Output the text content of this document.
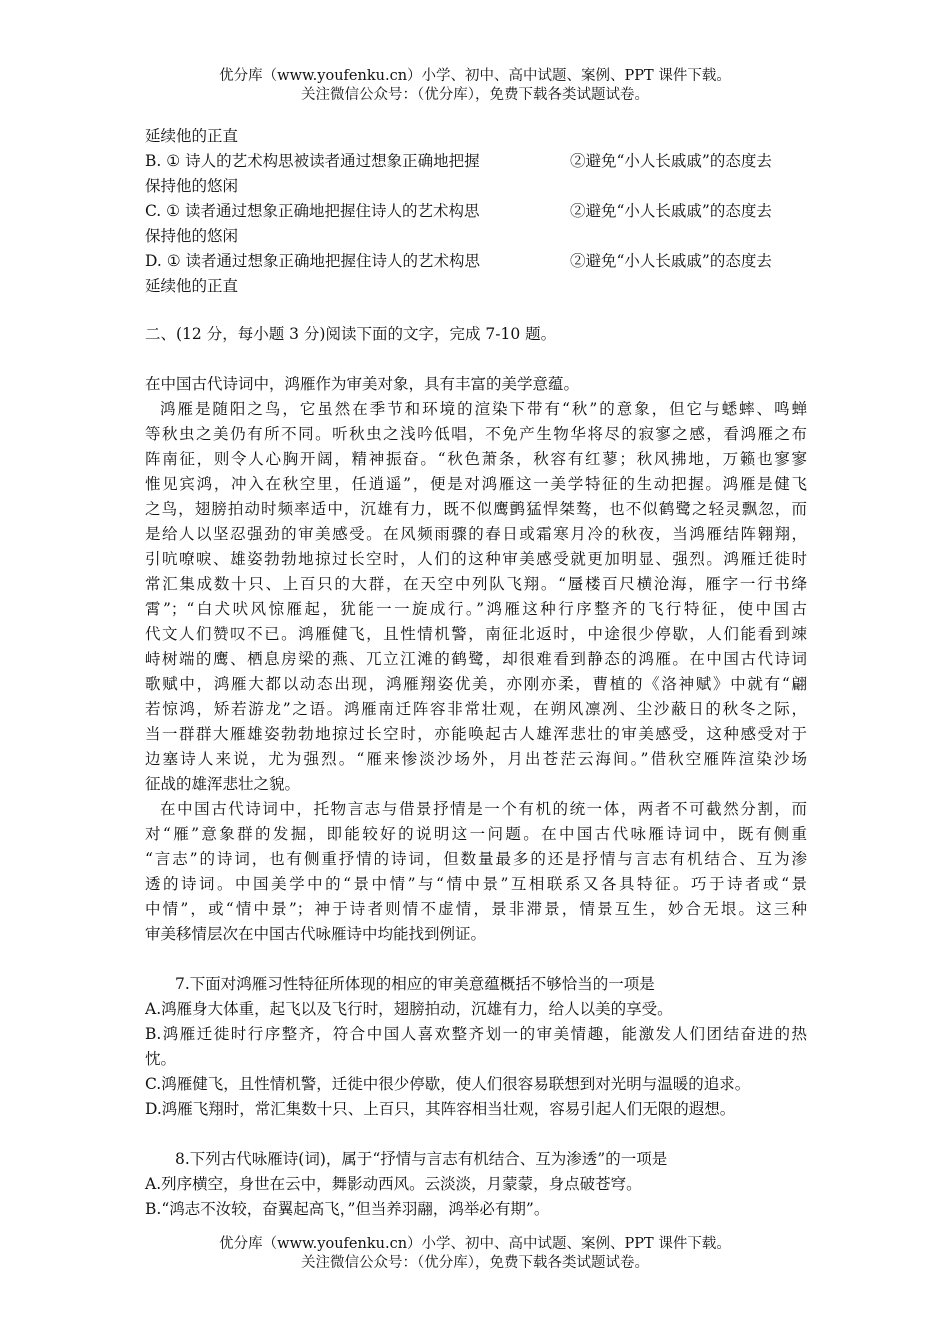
优分库（www.youfenku.cn）小学、初中、高中试题、案例、PPT 课件下载。
关注微信公众号：（优分库），免费下载各类试题试卷。
延续他的正直
B. ① 诗人的艺术构思被读者通过想象正确地把握	②避免“小人长戚戚”的态度去
保持他的悠闲
C. ① 读者通过想象正确地把握住诗人的艺术构思	②避免“小人长戚戚”的态度去
保持他的悠闲
D. ① 读者通过想象正确地把握住诗人的艺术构思	②避免“小人长戚戚”的态度去
延续他的正直
二、(12 分，每小题 3 分)阅读下面的文字，完成 7-10 题。
在中国古代诗词中，鸿雁作为审美对象，具有丰富的美学意蕴。
鸿雁是随阳之鸟，它虽然在季节和环境的渲染下带有“秋”的意象，但它与蟋蟀、鸣蝉
等秋虫之美仍有所不同。听秋虫之浅吟低唱，不免产生物华将尽的寂寥之感，看鸿雁之布
阵南征，则令人心胸开阔，精神振奋。“秋色萧条，秋容有红蓼；秋风拂地，万籁也寥寥
惟见宾鸿，冲入在秋空里，任逍遥”，便是对鸿雁这一美学特征的生动把握。鸿雁是健飞
之鸟，翅膀拍动时频率适中，沉雄有力，既不似鹰鹯猛悍桀骜，也不似鹤鹭之轻灵飘忽，而
是给人以坚忍强劲的审美感受。在风频雨骤的春日或霜寒月冷的秋夜，当鸿雁结阵翱翔，
引吭嘹唳、雄姿勃勃地掠过长空时，人们的这种审美感受就更加明显、强烈。鸿雁迁徙时
常汇集成数十只、上百只的大群，在天空中列队飞翔。“蜃楼百尺横沧海，雁字一行书绛
霄”；“白犬吠风惊雁起，犹能一一旋成行。”鸿雁这种行序整齐的飞行特征，使中国古
代文人们赞叹不已。鸿雁健飞，且性情机警，南征北返时，中途很少停歇，人们能看到竦
峙树端的鹰、栖息房梁的燕、兀立江滩的鹤鹭，却很难看到静态的鸿雁。在中国古代诗词
歌赋中，鸿雁大都以动态出现，鸿雁翔姿优美，亦刚亦柔，曹植的《洛神赋》中就有“翩
若惊鸿，矫若游龙”之语。鸿雁南迁阵容非常壮观，在朔风凛冽、尘沙蔽日的秋冬之际，
当一群群大雁雄姿勃勃地掠过长空时，亦能唤起古人雄浑悲壮的审美感受，这种感受对于
边塞诗人来说，尤为强烈。“雁来惨淡沙场外，月出苍茫云海间。”借秋空雁阵渲染沙场
征战的雄浑悲壮之貌。
在中国古代诗词中，托物言志与借景抒情是一个有机的统一体，两者不可截然分割，而
对“雁”意象群的发掘，即能较好的说明这一问题。在中国古代咏雁诗词中，既有侧重
“言志”的诗词，也有侧重抒情的诗词，但数量最多的还是抒情与言志有机结合、互为渗
透的诗词。中国美学中的“景中情”与“情中景”互相联系又各具特征。巧于诗者或“景
中情”，或“情中景”；神于诗者则情不虚情，景非滞景，情景互生，妙合无垠。这三种
审美移情层次在中国古代咏雁诗中均能找到例证。
7.下面对鸿雁习性特征所体现的相应的审美意蕴概括不够恰当的一项是
A.鸿雁身大体重，起飞以及飞行时，翅膀拍动，沉雄有力，给人以美的享受。
B.鸿雁迁徙时行序整齐，符合中国人喜欢整齐划一的审美情趣，能激发人们团结奋进的热
忱。
C.鸿雁健飞，且性情机警，迁徙中很少停歇，使人们很容易联想到对光明与温暖的追求。
D.鸿雁飞翔时，常汇集数十只、上百只，其阵容相当壮观，容易引起人们无限的遐想。
8.下列古代咏雁诗(词)，属于“抒情与言志有机结合、互为渗透”的一项是
A.列序横空，身世在云中，舞影动西风。云淡淡，月蒙蒙，身点破苍穹。
B.“鸿志不汝较，奋翼起高飞，”但当养羽翮，鸿举必有期”。
优分库（www.youfenku.cn）小学、初中、高中试题、案例、PPT 课件下载。
关注微信公众号：（优分库），免费下载各类试题试卷。
